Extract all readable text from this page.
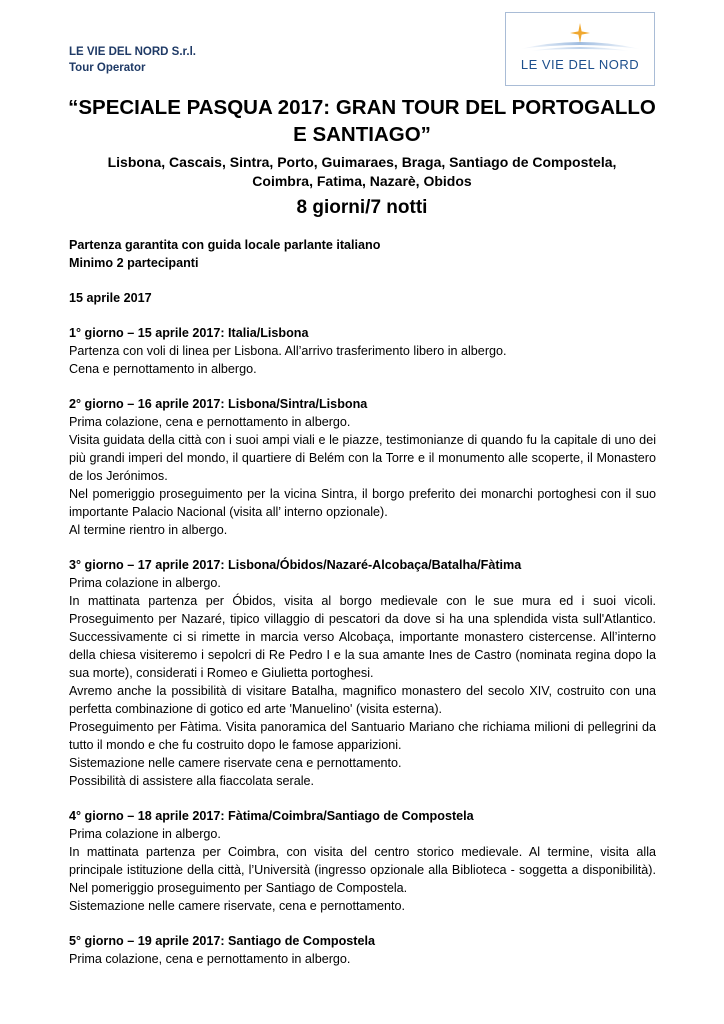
LE VIE DEL NORD S.r.l.
Tour Operator	LE VIE DEL NORD
“SPECIALE PASQUA 2017: GRAN TOUR DEL PORTOGALLO
E SANTIAGO”
Lisbona, Cascais, Sintra, Porto, Guimaraes, Braga, Santiago de Compostela,
Coimbra, Fatima, Nazarè, Obidos
8 giorni/7 notti

Partenza garantita con guida locale parlante italiano

Minimo 2 partecipanti

15 aprile 2017

1° giorno – 15 aprile 2017: Italia/Lisbona

Partenza con voli di linea per Lisbona. All’arrivo trasferimento libero in albergo.

Cena e pernottamento in albergo.

2° giorno – 16 aprile 2017: Lisbona/Sintra/Lisbona

Prima colazione, cena e pernottamento in albergo.

Visita guidata della città con i suoi ampi viali e le piazze, testimonianze di quando fu la capitale di uno dei più grandi imperi del mondo, il quartiere di Belém con la Torre e il monumento alle scoperte, il Monastero de los Jerónimos.

Nel pomeriggio proseguimento per la vicina Sintra, il borgo preferito dei monarchi portoghesi con il suo importante Palacio Nacional (visita all’ interno opzionale).

Al termine rientro in albergo.

3° giorno – 17 aprile 2017: Lisbona/Óbidos/Nazaré-Alcobaça/Batalha/Fàtima

Prima colazione in albergo.

In mattinata partenza per Óbidos, visita al borgo medievale con le sue mura ed i suoi vicoli. Proseguimento per Nazaré, tipico villaggio di pescatori da dove si ha una splendida vista sull'Atlantico. Successivamente ci si rimette in marcia verso Alcobaça, importante monastero cistercense. All’interno della chiesa visiteremo i sepolcri di Re Pedro I e la sua amante Ines de Castro (nominata regina dopo la sua morte), considerati i Romeo e Giulietta portoghesi.

Avremo anche la possibilità di visitare Batalha, magnifico monastero del secolo XIV, costruito con una perfetta combinazione di gotico ed arte 'Manuelino' (visita esterna).

Proseguimento per Fàtima. Visita panoramica del Santuario Mariano che richiama milioni di pellegrini da tutto il mondo e che fu costruito dopo le famose apparizioni.

Sistemazione nelle camere riservate cena e pernottamento.

Possibilità di assistere alla fiaccolata serale.

4° giorno – 18 aprile 2017: Fàtima/Coimbra/Santiago de Compostela

Prima colazione in albergo.

In mattinata partenza per Coimbra, con visita del centro storico medievale. Al termine, visita alla principale istituzione della città, l’Università (ingresso opzionale alla Biblioteca - soggetta a disponibilità). Nel pomeriggio proseguimento per Santiago de Compostela.

Sistemazione nelle camere riservate, cena e pernottamento.

5° giorno – 19 aprile 2017: Santiago de Compostela

Prima colazione, cena e pernottamento in albergo.
